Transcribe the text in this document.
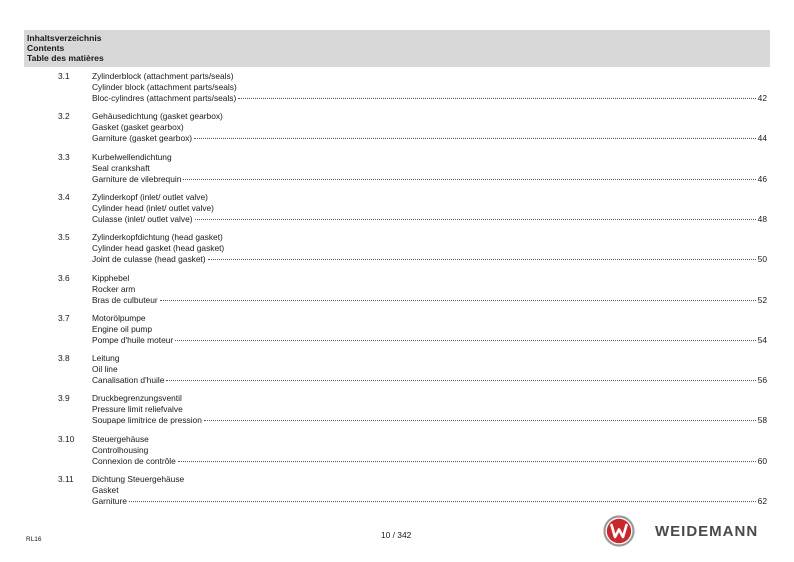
Inhaltsverzeichnis
Contents
Table des matières
3.1	Zylinderblock (attachment parts/seals)
Cylinder block (attachment parts/seals)
Bloc-cylindres (attachment parts/seals)	42
3.2	Gehäusedichtung (gasket gearbox)
Gasket (gasket gearbox)
Garniture (gasket gearbox)	44
3.3	Kurbelwellendichtung
Seal crankshaft
Garniture de vilebrequin	46
3.4	Zylinderkopf (inlet/ outlet valve)
Cylinder head (inlet/ outlet valve)
Culasse (inlet/ outlet valve)	48
3.5	Zylinderkopfdichtung (head gasket)
Cylinder head gasket (head gasket)
Joint de culasse (head gasket)	50
3.6	Kipphebel
Rocker arm
Bras de culbuteur	52
3.7	Motorölpumpe
Engine oil pump
Pompe d'huile moteur	54
3.8	Leitung
Oil line
Canalisation d'huile	56
3.9	Druckbegrenzungsventil
Pressure limit reliefvalve
Soupape limitrice de pression	58
3.10 Steuergehäuse
Controlhousing
Connexion de contrôle	60
3.11 Dichtung Steuergehäuse
Gasket
Garniture	62
RL16	10 / 342	WEIDEMANN
